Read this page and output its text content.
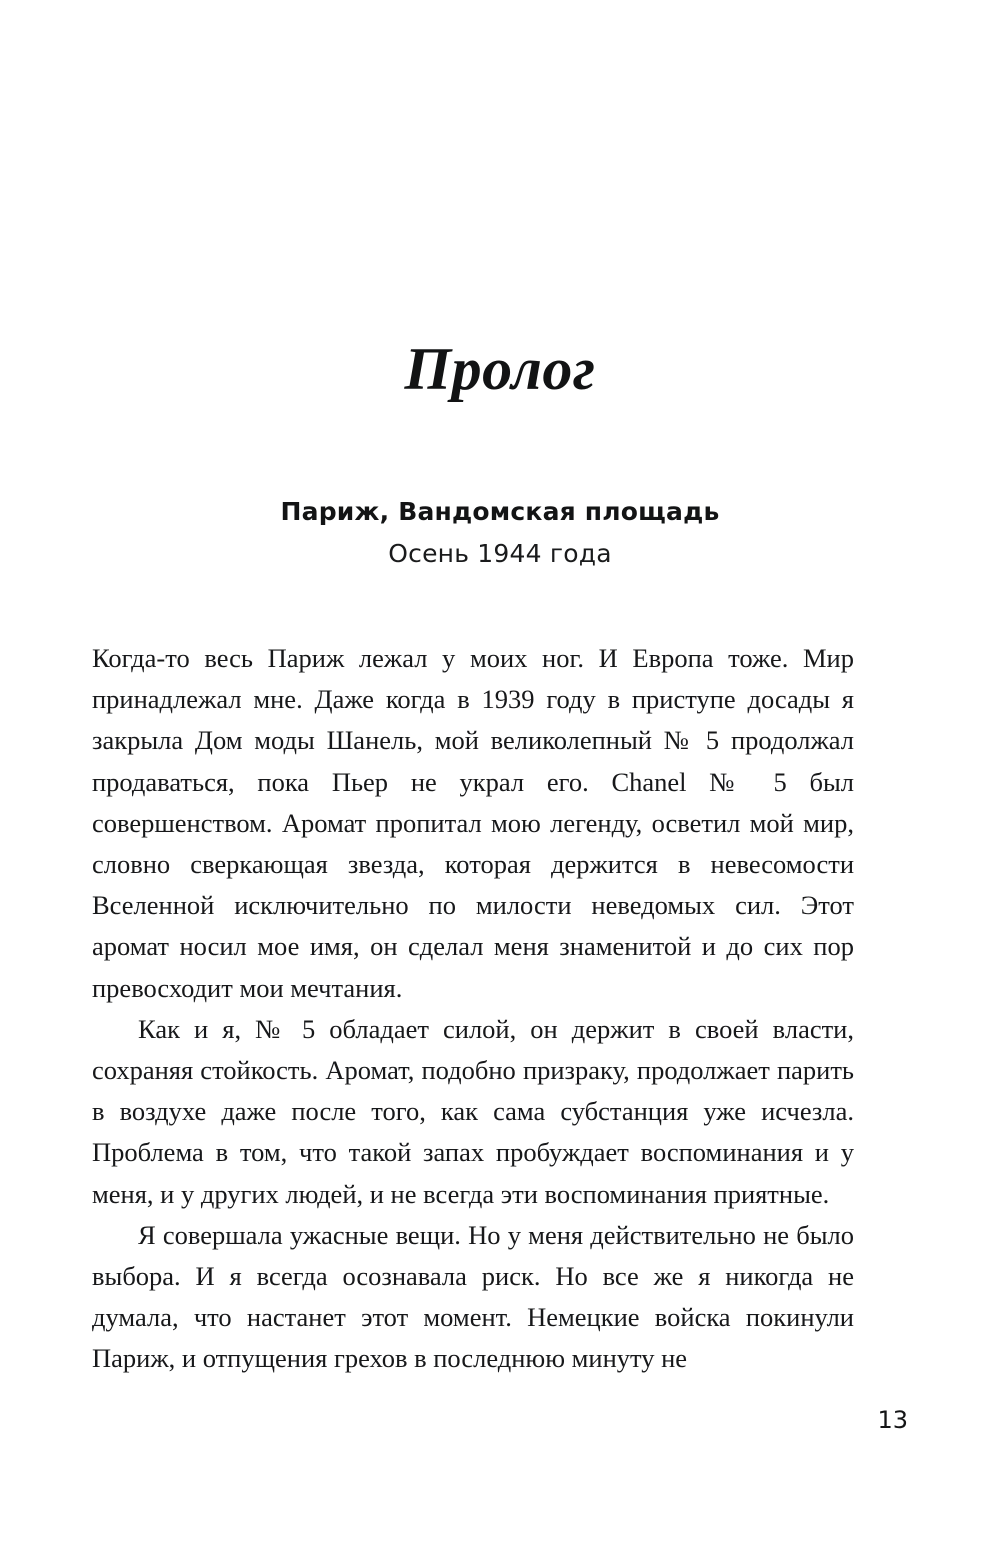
Пролог
Париж, Вандомская площадь
Осень 1944 года

Когда-то весь Париж лежал у моих ног. И Европа тоже. Мир принадлежал мне. Даже когда в 1939 году в приступе досады я закрыла Дом моды Шанель, мой великолепный № 5 продолжал продаваться, пока Пьер не украл его. Chanel № 5 был совершенством. Аромат пропитал мою легенду, осветил мой мир, словно сверкающая звезда, которая держится в невесомости Вселенной исключительно по милости неведомых сил. Этот аромат носил мое имя, он сделал меня знаменитой и до сих пор превосходит мои мечтания.

Как и я, № 5 обладает силой, он держит в своей власти, сохраняя стойкость. Аромат, подобно призраку, продолжает парить в воздухе даже после того, как сама субстанция уже исчезла. Проблема в том, что такой запах пробуждает воспоминания и у меня, и у других людей, и не всегда эти воспоминания приятные.

Я совершала ужасные вещи. Но у меня действительно не было выбора. И я всегда осознавала риск. Но все же я никогда не думала, что настанет этот момент. Немецкие войска покинули Париж, и отпущения грехов в последнюю минуту не

13
